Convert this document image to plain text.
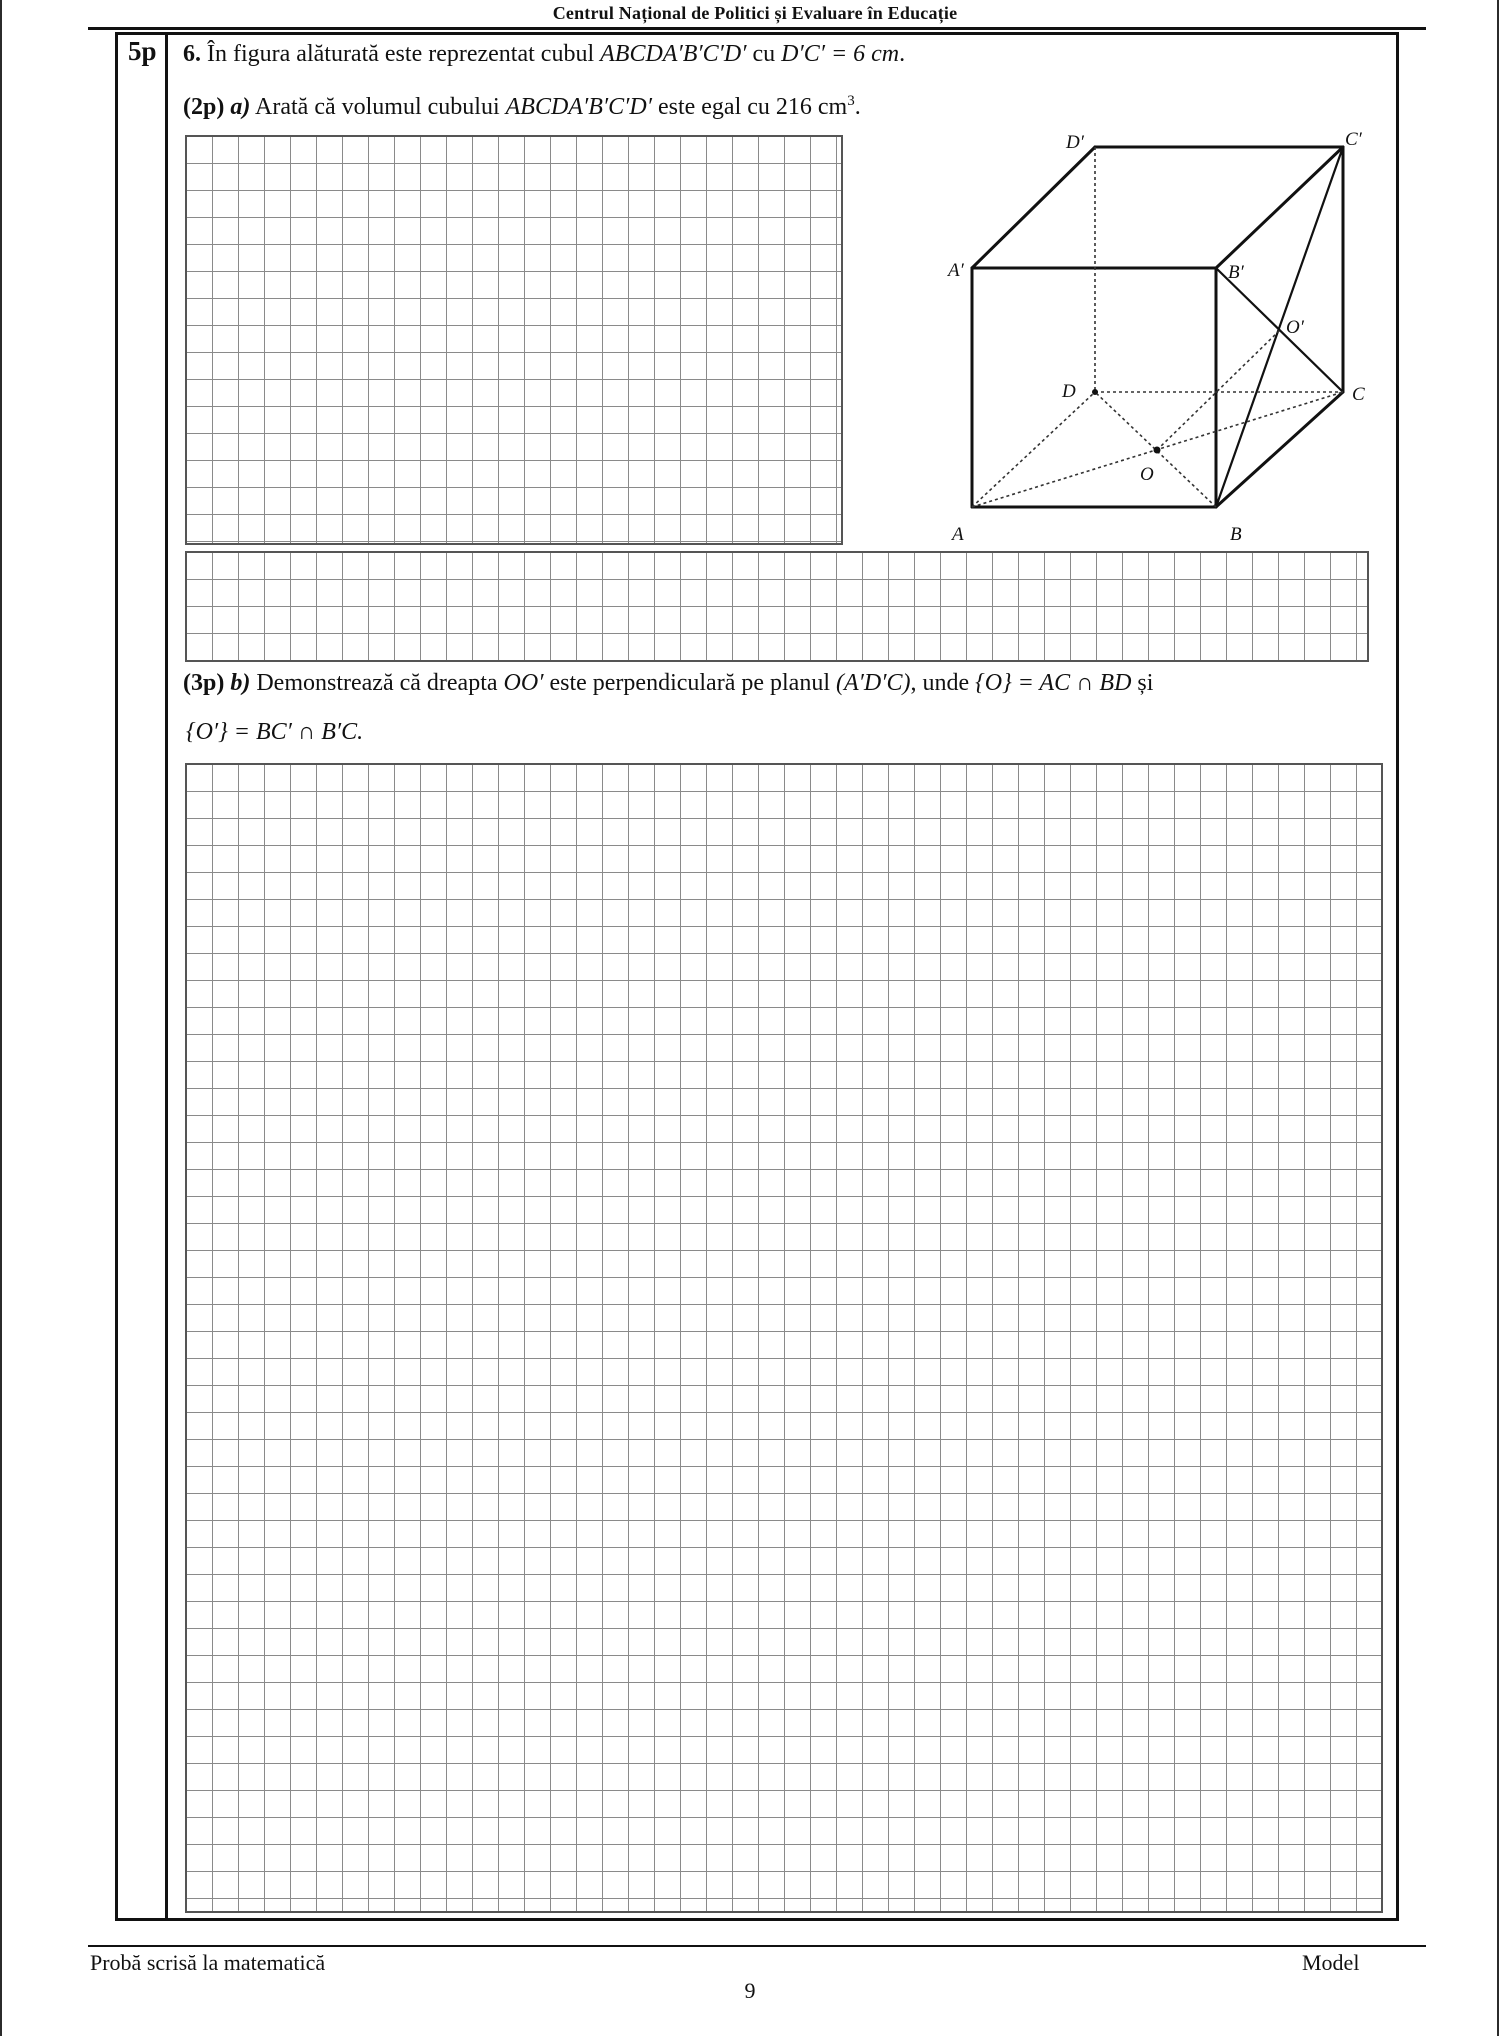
Centrul Național de Politici și Evaluare în Educație
5p 6. În figura alăturată este reprezentat cubul ABCDA′B′C′D′ cu D′C′ = 6 cm.
(2p) a) Arată că volumul cubului ABCDA′B′C′D′ este egal cu 216 $cm^3$.
(3p) b) Demonstrează că dreapta OO′ este perpendiculară pe planul (A′D′C), unde {O} = AC ∩ BD și
{O′} = BC′ ∩ B′C.
A	B
C
D
A′	B′
C′
D′
O
O′
Probă scrisă la matematică	Model
9
